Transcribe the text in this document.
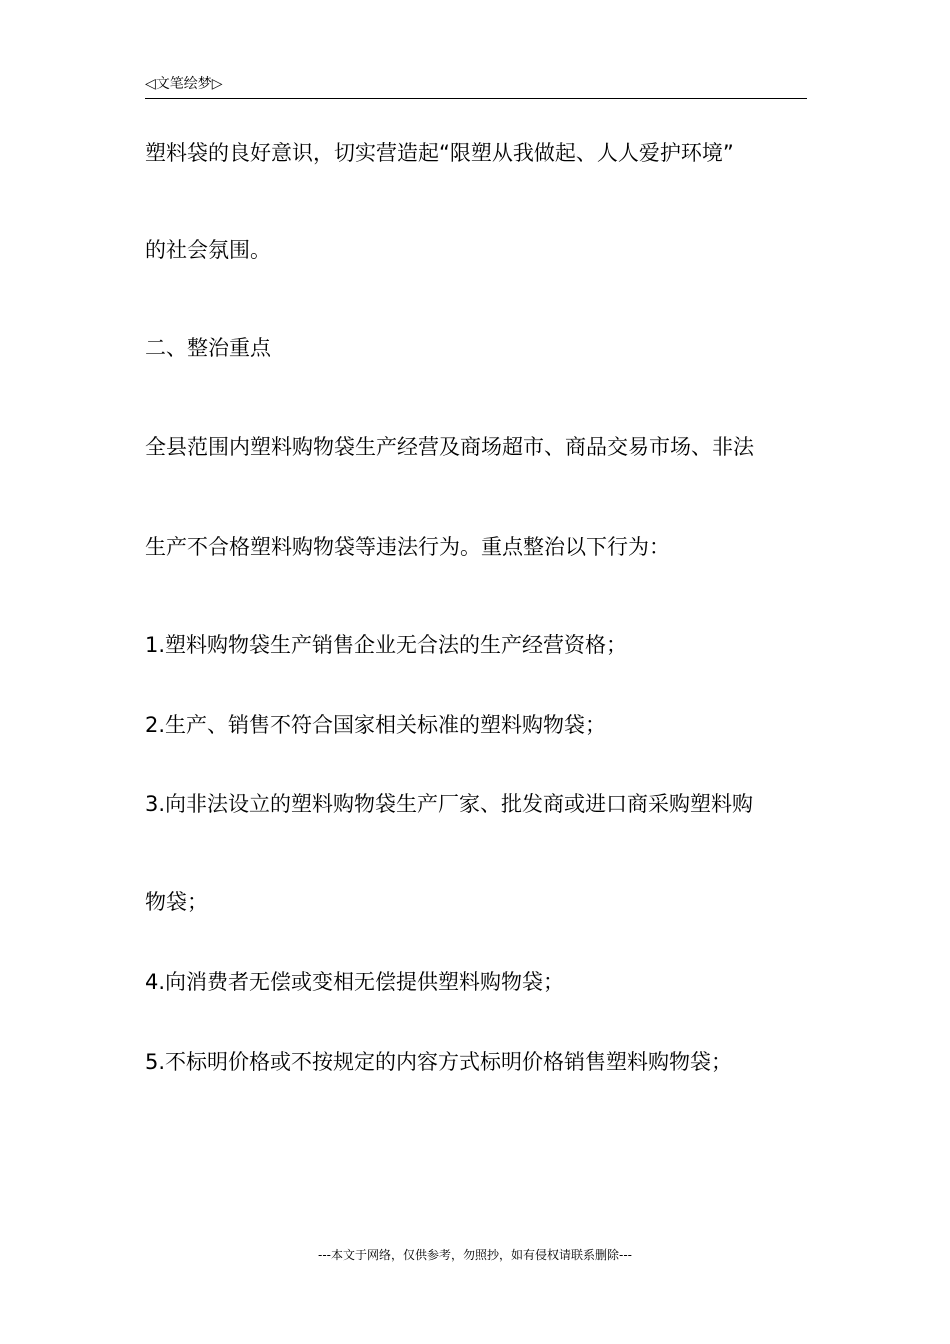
◁文笔绘梦▷
塑料袋的良好意识，切实营造起“限塑从我做起、人人爱护环境”
的社会氛围。
二、整治重点
全县范围内塑料购物袋生产经营及商场超市、商品交易市场、非法
生产不合格塑料购物袋等违法行为。重点整治以下行为：
1.塑料购物袋生产销售企业无合法的生产经营资格；
2.生产、销售不符合国家相关标准的塑料购物袋；
3.向非法设立的塑料购物袋生产厂家、批发商或进口商采购塑料购
物袋；
4.向消费者无偿或变相无偿提供塑料购物袋；
5.不标明价格或不按规定的内容方式标明价格销售塑料购物袋；
---本文于网络，仅供参考，勿照抄，如有侵权请联系删除---
